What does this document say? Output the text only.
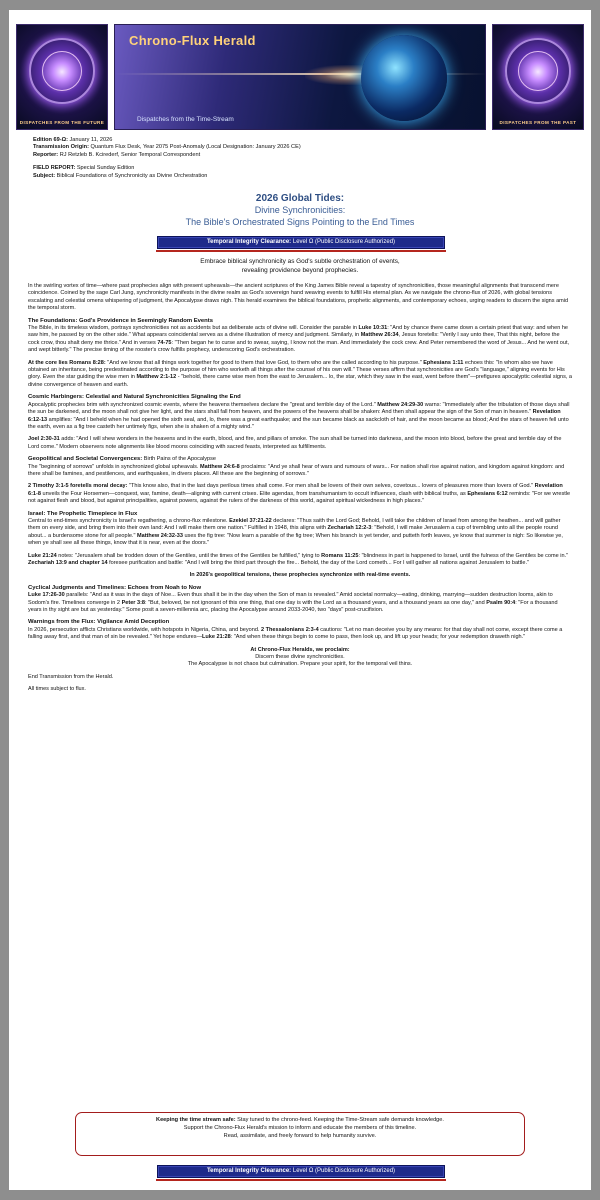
DISPATCHES FROM THE FUTURE
Chrono-Flux Herald
Dispatches from the Time-Stream	DISPATCHES FROM THE PAST
Edition 69-Ω: January 11, 2026
Transmission Origin: Quantum Flux Desk, Year 2075 Post-Anomaly (Local Designation: January 2026 CE)
Reporter: RJ Retzleb B. Kcirederf, Senior Temporal Correspondent
FIELD REPORT: Special Sunday Edition
Subject: Biblical Foundations of Synchronicity as Divine Orchestration
2026 Global Tides:
Divine Synchronicities:
The Bible's Orchestrated Signs Pointing to the End Times
Temporal Integrity Clearance: Level Ω (Public Disclosure Authorized)
Embrace biblical synchronicity as God's subtle orchestration of events,
revealing providence beyond prophecies.

In the swirling vortex of time—where past prophecies align with present upheavals—the ancient scriptures of the King James Bible reveal a tapestry of synchronicities, those meaningful alignments that transcend mere coincidence. Coined by the sage Carl Jung, synchronicity manifests in the divine realm as God's sovereign hand weaving events to fulfill His eternal plan. As we navigate the chrono-flux of 2026, with global tensions escalating and celestial omens whispering of judgment, the Apocalypse draws nigh. This herald examines the biblical foundations, prophetic alignments, and contemporary echoes, urging readers to discern the signs amid the temporal storm.

The Foundations: God's Providence in Seemingly Random Events
The Bible, in its timeless wisdom, portrays synchronicities not as accidents but as deliberate acts of divine will. Consider the parable in Luke 10:31: "And by chance there came down a certain priest that way: and when he saw him, he passed by on the other side." What appears coincidental serves as a divine illustration of mercy and judgment. Similarly, in Matthew 26:34, Jesus foretells: "Verily I say unto thee, That this night, before the cock crow, thou shalt deny me thrice." And in verses 74-75: "Then began he to curse and to swear, saying, I know not the man. And immediately the cock crew. And Peter remembered the word of Jesus... And he went out, and wept bitterly." The precise timing of the rooster's crow fulfills prophecy, underscoring God's orchestration.

At the core lies Romans 8:28: "And we know that all things work together for good to them that love God, to them who are the called according to his purpose." Ephesians 1:11 echoes this: "In whom also we have obtained an inheritance, being predestinated according to the purpose of him who worketh all things after the counsel of his own will." These verses affirm that synchronicities are God's "language," aligning events for His glory. Even the star guiding the wise men in Matthew 2:1-12 - "behold, there came wise men from the east to Jerusalem... lo, the star, which they saw in the east, went before them"—prefigures apocalyptic celestial signs, a divine convergence of heaven and earth.

Cosmic Harbingers: Celestial and Natural Synchronicities Signaling the End
Apocalyptic prophecies brim with synchronized cosmic events, where the heavens themselves declare the "great and terrible day of the Lord." Matthew 24:29-30 warns: "Immediately after the tribulation of those days shall the sun be darkened, and the moon shall not give her light, and the stars shall fall from heaven, and the powers of the heavens shall be shaken: And then shall appear the sign of the Son of man in heaven." Revelation 6:12-13 amplifies: "And I beheld when he had opened the sixth seal, and, lo, there was a great earthquake; and the sun became black as sackcloth of hair, and the moon became as blood; And the stars of heaven fell unto the earth, even as a fig tree casteth her untimely figs, when she is shaken of a mighty wind."

Joel 2:30-31 adds: "And I will shew wonders in the heavens and in the earth, blood, and fire, and pillars of smoke. The sun shall be turned into darkness, and the moon into blood, before the great and terrible day of the Lord come." Modern observers note alignments like blood moons coinciding with sacred feasts, interpreted as fulfillments.

Geopolitical and Societal Convergences: Birth Pains of the Apocalypse
The "beginning of sorrows" unfolds in synchronized global upheavals. Matthew 24:6-8 proclaims: "And ye shall hear of wars and rumours of wars... For nation shall rise against nation, and kingdom against kingdom: and there shall be famines, and pestilences, and earthquakes, in divers places. All these are the beginning of sorrows."

2 Timothy 3:1-5 foretells moral decay: "This know also, that in the last days perilous times shall come. For men shall be lovers of their own selves, covetous... lovers of pleasures more than lovers of God." Revelation 6:1-8 unveils the Four Horsemen—conquest, war, famine, death—aligning with current crises. Elite agendas, from transhumanism to occult influences, clash with biblical truths, as Ephesians 6:12 reminds: "For we wrestle not against flesh and blood, but against principalities, against powers, against the rulers of the darkness of this world, against spiritual wickedness in high places."

Israel: The Prophetic Timepiece in Flux
Central to end-times synchronicity is Israel's regathering, a chrono-flux milestone. Ezekiel 37:21-22 declares: "Thus saith the Lord God; Behold, I will take the children of Israel from among the heathen... and will gather them on every side, and bring them into their own land: And I will make them one nation." Fulfilled in 1948, this aligns with Zechariah 12:2-3: "Behold, I will make Jerusalem a cup of trembling unto all the people round about... a burdensome stone for all people." Matthew 24:32-33 uses the fig tree: "Now learn a parable of the fig tree; When his branch is yet tender, and putteth forth leaves, ye know that summer is nigh: So likewise ye, when ye shall see all these things, know that it is near, even at the doors."

Luke 21:24 notes: "Jerusalem shall be trodden down of the Gentiles, until the times of the Gentiles be fulfilled," tying to Romans 11:25: "blindness in part is happened to Israel, until the fulness of the Gentiles be come in." Zechariah 13:9 and chapter 14 foresee purification and battle: "And I will bring the third part through the fire... Behold, the day of the Lord cometh... For I will gather all nations against Jerusalem to battle."

In 2026's geopolitical tensions, these prophecies synchronize with real-time events.

Cyclical Judgments and Timelines: Echoes from Noah to Now
Luke 17:26-30 parallels: "And as it was in the days of Noe... Even thus shall it be in the day when the Son of man is revealed." Amid societal normalcy—eating, drinking, marrying—sudden destruction looms, akin to Sodom's fire. Timelines converge in 2 Peter 3:8: "But, beloved, be not ignorant of this one thing, that one day is with the Lord as a thousand years, and a thousand years as one day," and Psalm 90:4: "For a thousand years in thy sight are but as yesterday." Some posit a seven-millennia arc, placing the Apocalypse around 2033-2040, two "days" post-crucifixion.

Warnings from the Flux: Vigilance Amid Deception
In 2026, persecution afflicts Christians worldwide, with hotspots in Nigeria, China, and beyond. 2 Thessalonians 2:3-4 cautions: "Let no man deceive you by any means: for that day shall not come, except there come a falling away first, and that man of sin be revealed." Yet hope endures—Luke 21:28: "And when these things begin to come to pass, then look up, and lift up your heads; for your redemption draweth nigh."

At Chrono-Flux Heralds, we proclaim:
Discern these divine synchronicities.
The Apocalypse is not chaos but culmination. Prepare your spirit, for the temporal veil thins.

End Transmission from the Herald.

All times subject to flux.

Keeping the time stream safe: Stay tuned to the chrono-feed. Keeping the Time-Stream safe demands knowledge.
Support the Chrono-Flux Herald's mission to inform and educate the members of this timeline.
Read, assimilate, and freely forward to help humanity survive.
Temporal Integrity Clearance: Level Ω (Public Disclosure Authorized)
